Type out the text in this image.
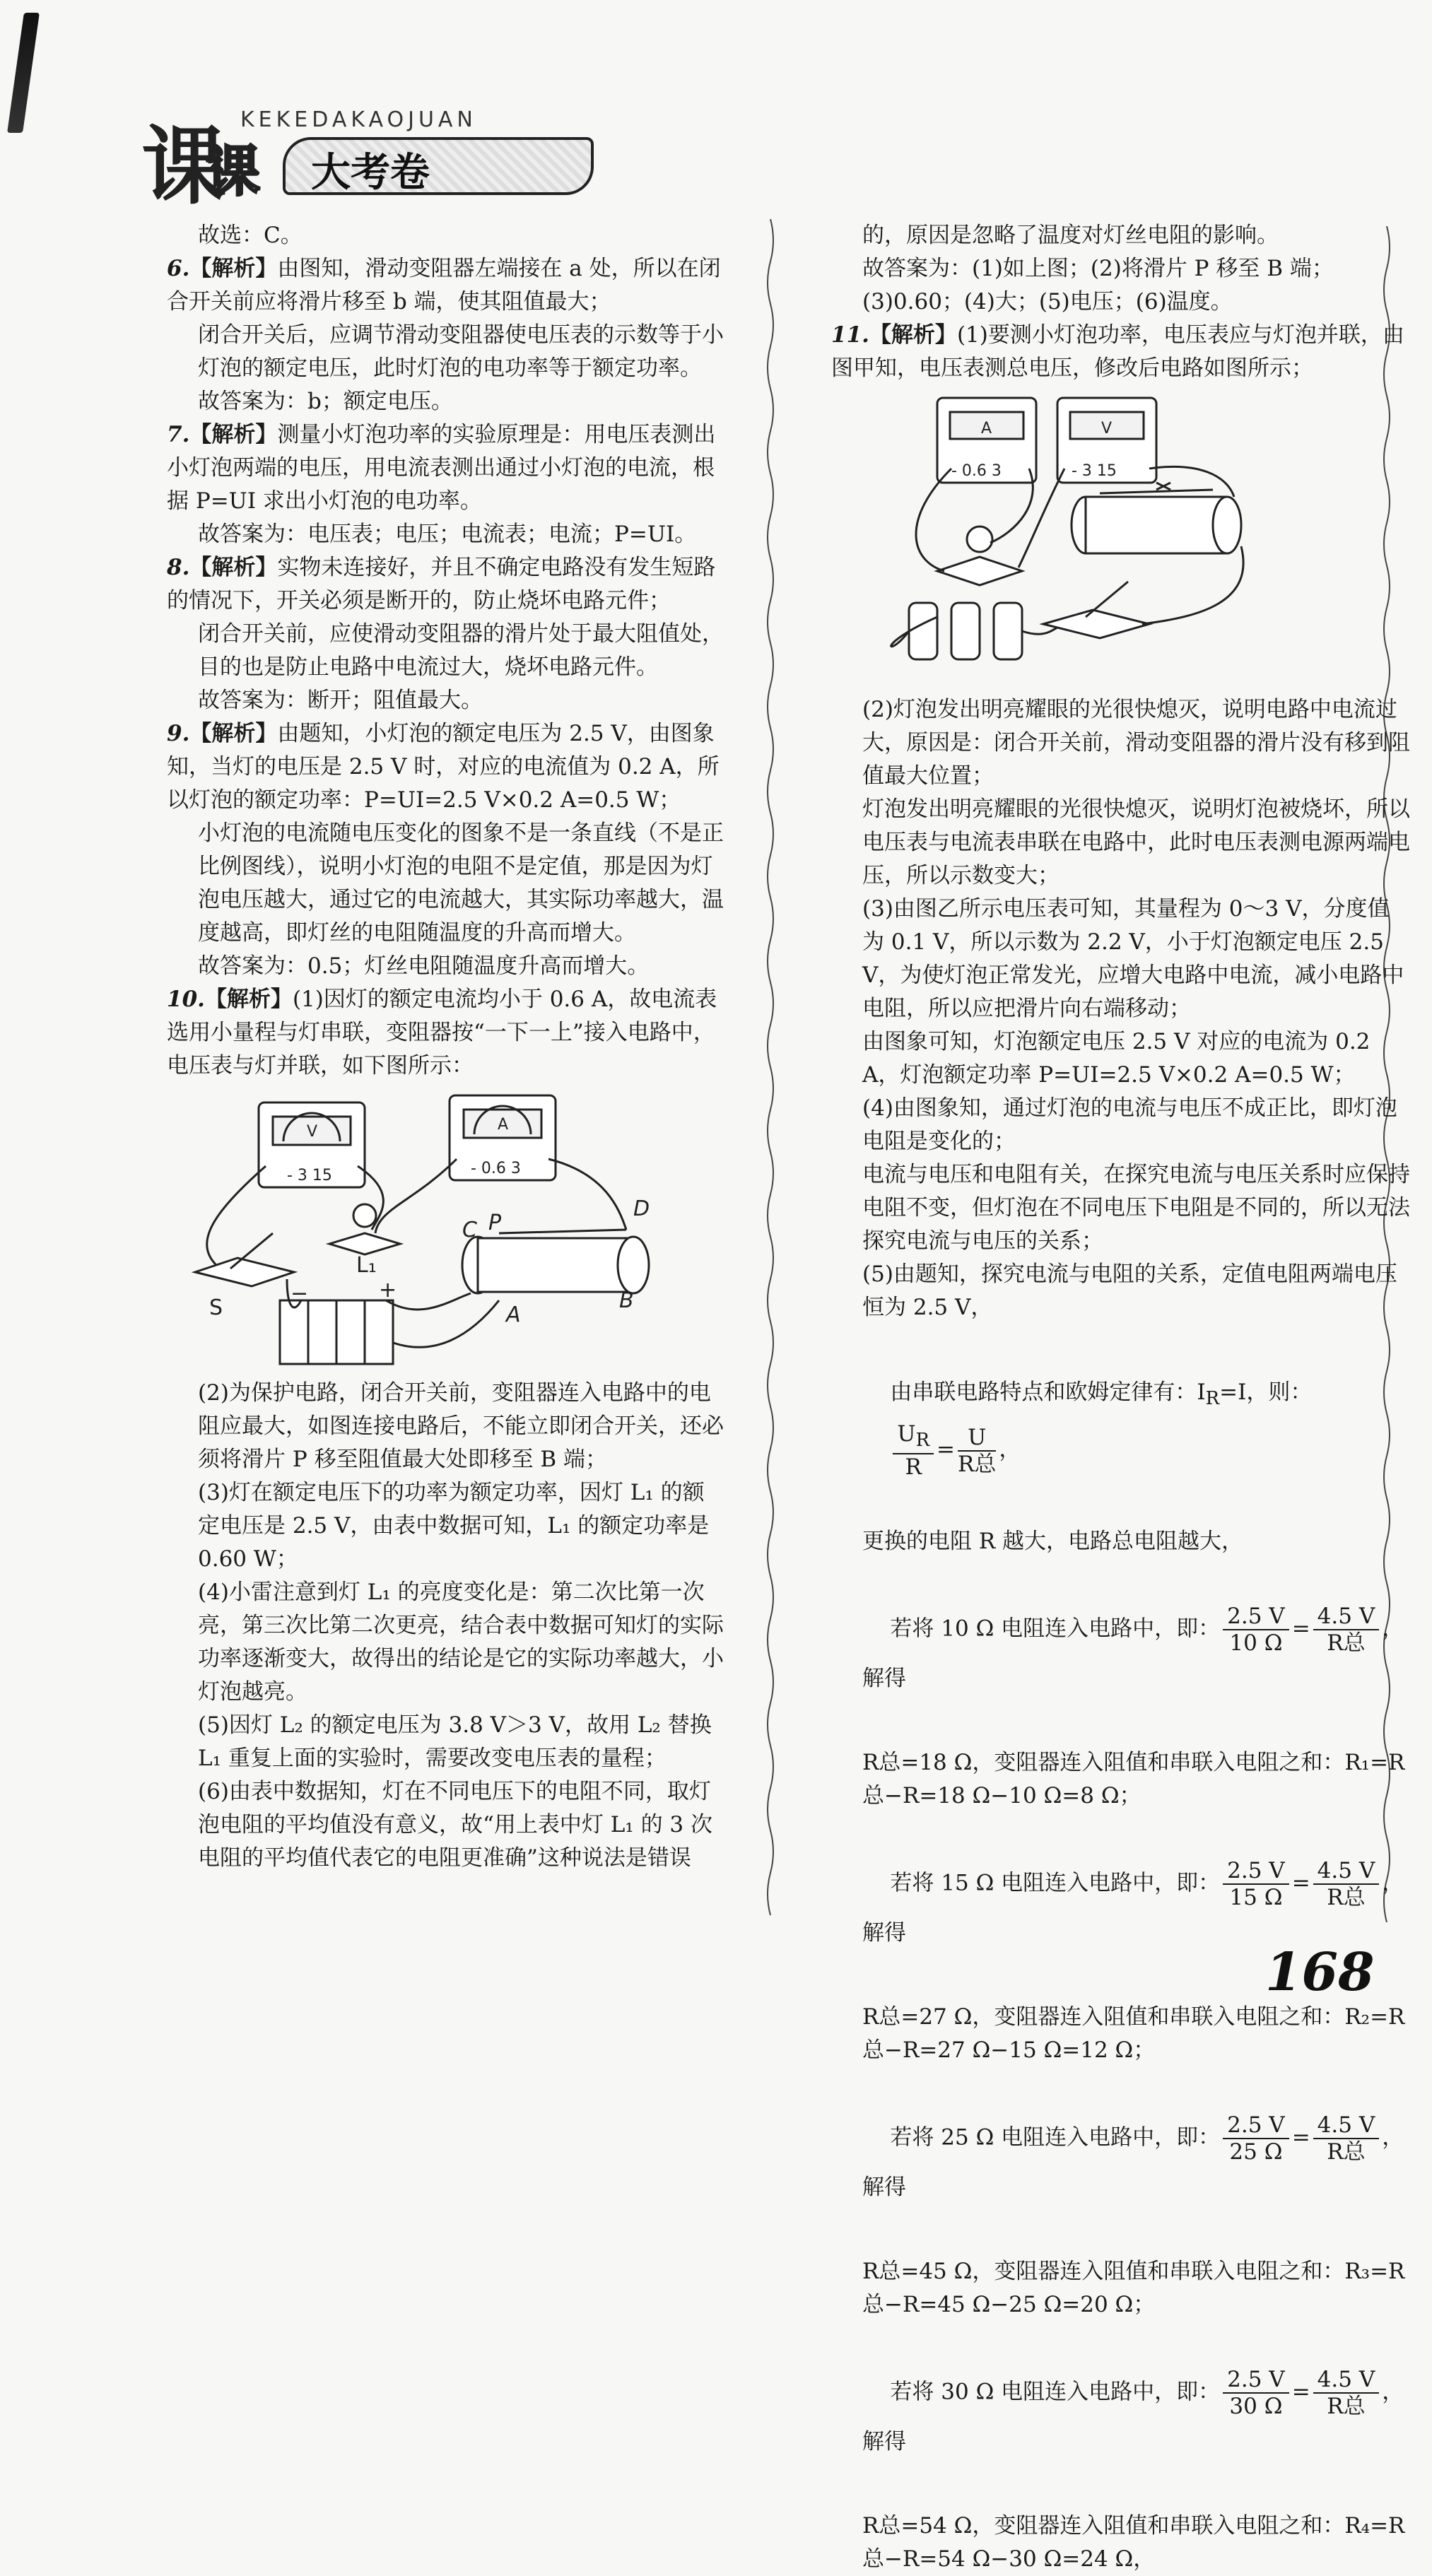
课
课
KEKEDAKAOJUAN
大考卷

故选：C。

6.【解析】由图知，滑动变阻器左端接在 a 处，所以在闭合开关前应将滑片移至 b 端，使其阻值最大；

闭合开关后，应调节滑动变阻器使电压表的示数等于小灯泡的额定电压，此时灯泡的电功率等于额定功率。

故答案为：b；额定电压。

7.【解析】测量小灯泡功率的实验原理是：用电压表测出小灯泡两端的电压，用电流表测出通过小灯泡的电流，根据 P=UI 求出小灯泡的电功率。

故答案为：电压表；电压；电流表；电流；P=UI。

8.【解析】实物未连接好，并且不确定电路没有发生短路的情况下，开关必须是断开的，防止烧坏电路元件；

闭合开关前，应使滑动变阻器的滑片处于最大阻值处，目的也是防止电路中电流过大，烧坏电路元件。

故答案为：断开；阻值最大。

9.【解析】由题知，小灯泡的额定电压为 2.5 V，由图象知，当灯的电压是 2.5 V 时，对应的电流值为 0.2 A，所以灯泡的额定功率：P=UI=2.5 V×0.2 A=0.5 W；

小灯泡的电流随电压变化的图象不是一条直线（不是正比例图线），说明小灯泡的电阻不是定值，那是因为灯泡电压越大，通过它的电流越大，其实际功率越大，温度越高，即灯丝的电阻随温度的升高而增大。

故答案为：0.5；灯丝电阻随温度升高而增大。

10.【解析】(1)因灯的额定电流均小于 0.6 A，故电流表选用小量程与灯串联，变阻器按“一下一上”接入电路中，电压表与灯并联，如下图所示：

V
- 3 15
A
- 0.6 3
S
L₁
−	+
C P
D
B
A

(2)为保护电路，闭合开关前，变阻器连入电路中的电阻应最大，如图连接电路后，不能立即闭合开关，还必须将滑片 P 移至阻值最大处即移至 B 端；

(3)灯在额定电压下的功率为额定功率，因灯 L₁ 的额定电压是 2.5 V，由表中数据可知，L₁ 的额定功率是 0.60 W；

(4)小雷注意到灯 L₁ 的亮度变化是：第二次比第一次亮，第三次比第二次更亮，结合表中数据可知灯的实际功率逐渐变大，故得出的结论是它的实际功率越大，小灯泡越亮。

(5)因灯 L₂ 的额定电压为 3.8 V＞3 V，故用 L₂ 替换 L₁ 重复上面的实验时，需要改变电压表的量程；

(6)由表中数据知，灯在不同电压下的电阻不同，取灯泡电阻的平均值没有意义，故“用上表中灯 L₁ 的 3 次电阻的平均值代表它的电阻更准确”这种说法是错误

的，原因是忽略了温度对灯丝电阻的影响。

故答案为：(1)如上图；(2)将滑片 P 移至 B 端；(3)0.60；(4)大；(5)电压；(6)温度。

11.【解析】(1)要测小灯泡功率，电压表应与灯泡并联，由图甲知，电压表测总电压，修改后电路如图所示；

A
- 0.6 3
V
- 3 15

(2)灯泡发出明亮耀眼的光很快熄灭，说明电路中电流过大，原因是：闭合开关前，滑动变阻器的滑片没有移到阻值最大位置；

灯泡发出明亮耀眼的光很快熄灭，说明灯泡被烧坏，所以电压表与电流表串联在电路中，此时电压表测电源两端电压，所以示数变大；

(3)由图乙所示电压表可知，其量程为 0～3 V，分度值为 0.1 V，所以示数为 2.2 V，小于灯泡额定电压 2.5 V，为使灯泡正常发光，应增大电路中电流，减小电路中电阻，所以应把滑片向右端移动；

由图象可知，灯泡额定电压 2.5 V 对应的电流为 0.2 A，灯泡额定功率 P=UI=2.5 V×0.2 A=0.5 W；

(4)由图象知，通过灯泡的电流与电压不成正比，即灯泡电阻是变化的；

电流与电压和电阻有关，在探究电流与电压关系时应保持电阻不变，但灯泡在不同电压下电阻是不同的，所以无法探究电流与电压的关系；

(5)由题知，探究电流与电阻的关系，定值电阻两端电压恒为 2.5 V，

由串联电路特点和欧姆定律有：$I_R=I$，则：

$\frac{U_R}{R} = \frac{U}{\text{R总}}$ ，

更换的电阻 R 越大，电路总电阻越大，

若将 10 Ω 电阻连入电路中，即： $\frac{2.5 V}{10 \Omega} = \frac{4.5 V}{\text{R总}}$ ，解得

R总=18 Ω，变阻器连入阻值和串联入电阻之和：R₁=R总−R=18 Ω−10 Ω=8 Ω；

若将 15 Ω 电阻连入电路中，即： $\frac{2.5 V}{15 \Omega} = \frac{4.5 V}{\text{R总}}$ ，解得

R总=27 Ω，变阻器连入阻值和串联入电阻之和：R₂=R总−R=27 Ω−15 Ω=12 Ω；

若将 25 Ω 电阻连入电路中，即： $\frac{2.5 V}{25 \Omega} = \frac{4.5 V}{\text{R总}}$ ，解得

R总=45 Ω，变阻器连入阻值和串联入电阻之和：R₃=R总−R=45 Ω−25 Ω=20 Ω；

若将 30 Ω 电阻连入电路中，即： $\frac{2.5 V}{30 \Omega} = \frac{4.5 V}{\text{R总}}$ ，解得

R总=54 Ω，变阻器连入阻值和串联入电阻之和：R₄=R总−R=54 Ω−30 Ω=24 Ω，

168
